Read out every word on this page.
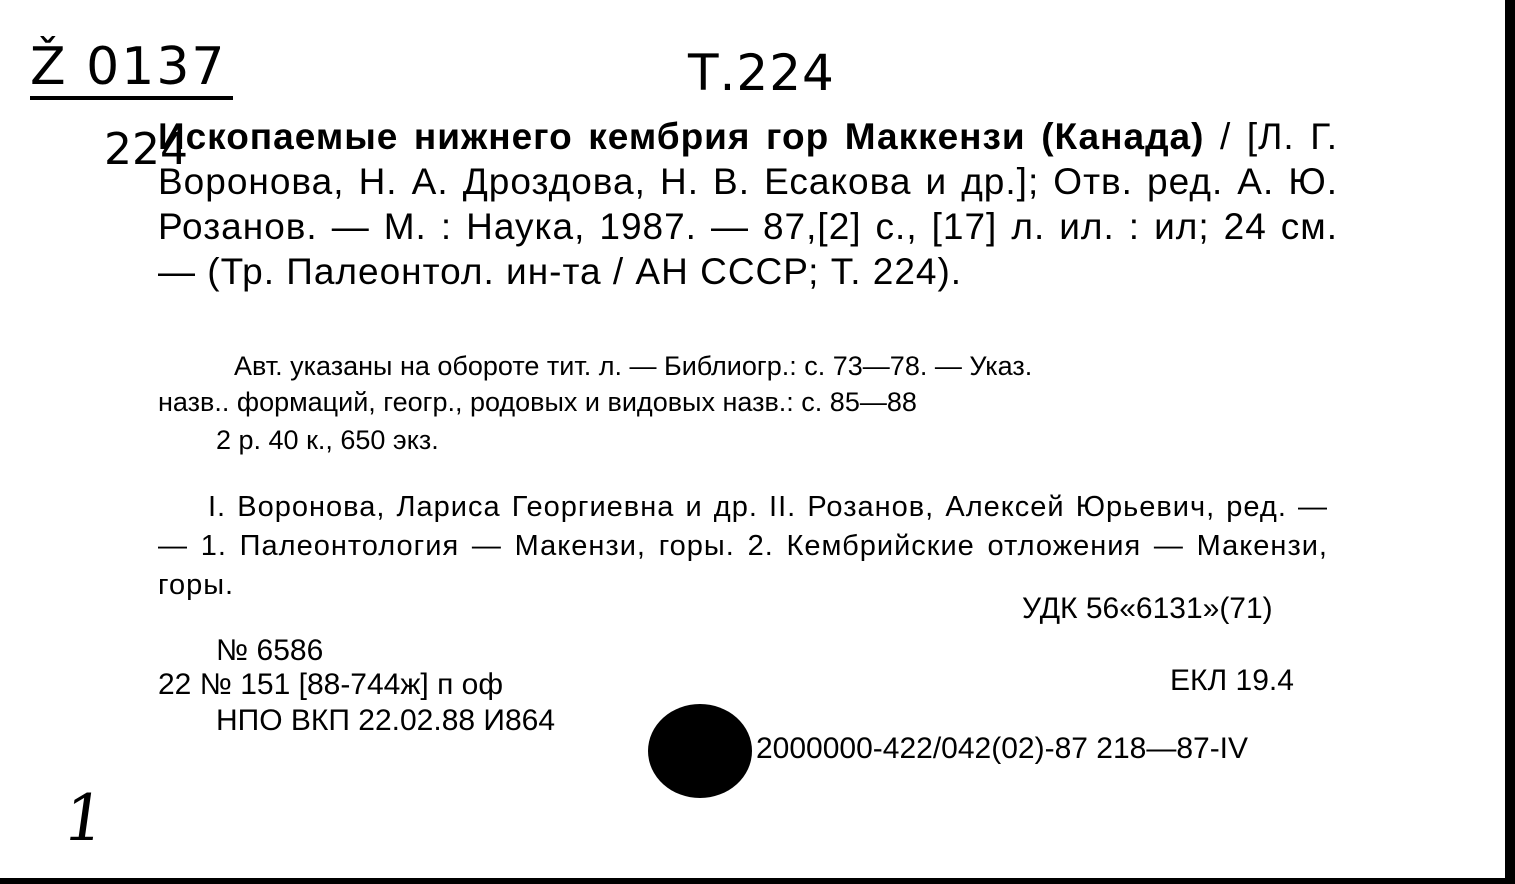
Ž 0137	Т.224
224
Ископаемые нижнего кембрия гор Маккензи (Канада) / [Л. Г. Воронова, Н. А. Дроздова, Н. В. Есакова и др.]; Отв. ред. А. Ю. Розанов. — М. : Наука, 1987. — 87,[2] с., [17] л. ил. : ил; 24 см. — (Тр. Палеонтол. ин-та / АН СССР; Т. 224).
Авт. указаны на обороте тит. л. — Библиогр.: с. 73—78. — Указ.
назв.. формаций, геогр., родовых и видовых назв.: с. 85—88
2 р. 40 к., 650 экз.
I. Воронова, Лариса Георгиевна и др. II. Розанов, Алексей Юрьевич, ред. — — 1. Палеонтология — Макензи, горы. 2. Кембрийские отложения — Макензи, горы.
УДК 56«6131»(71)
№ 6586
22 № 151 [88-744ж] п оф	ЕКЛ 19.4
НПО ВКП 22.02.88 И864
2000000-422/042(02)-87 218—87-IV
1
